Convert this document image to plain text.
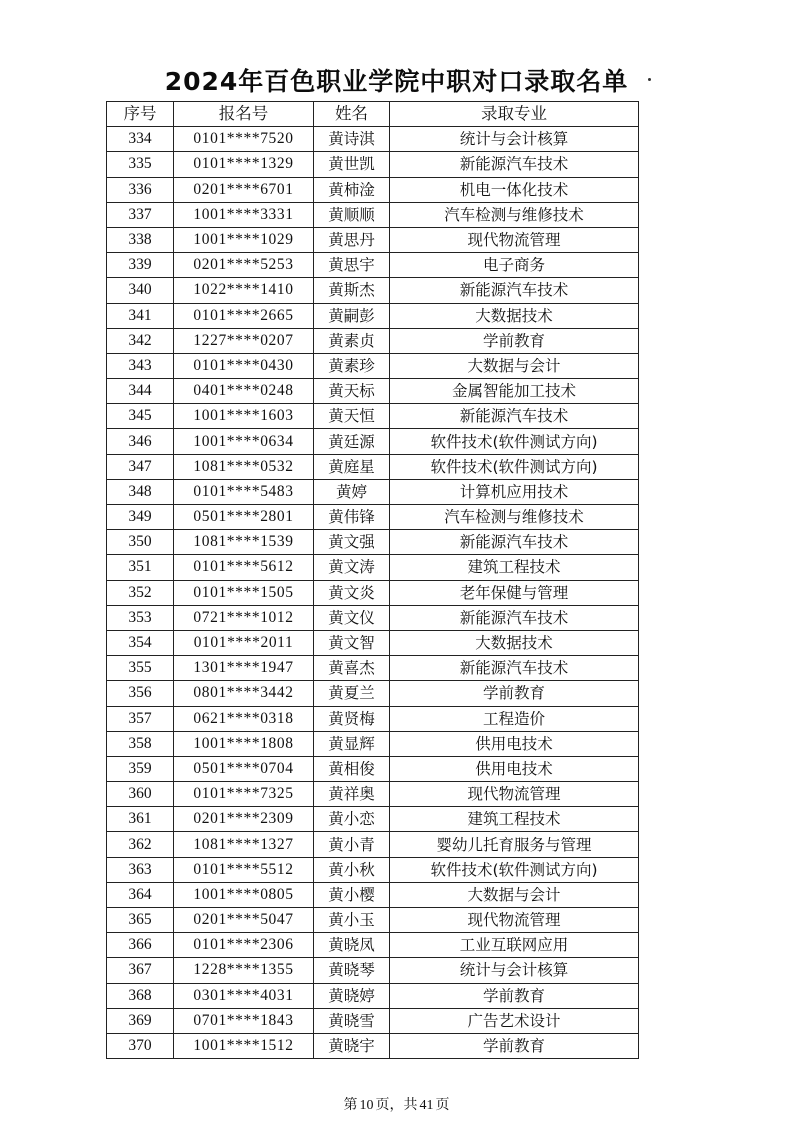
2024年百色职业学院中职对口录取名单
序号	报名号	姓名	录取专业
334	0101****7520	黄诗淇	统计与会计核算
335	0101****1329	黄世凯	新能源汽车技术
336	0201****6701	黄柿淦	机电一体化技术
337	1001****3331	黄顺顺	汽车检测与维修技术
338	1001****1029	黄思丹	现代物流管理
339	0201****5253	黄思宇	电子商务
340	1022****1410	黄斯杰	新能源汽车技术
341	0101****2665	黄嗣彭	大数据技术
342	1227****0207	黄素贞	学前教育
343	0101****0430	黄素珍	大数据与会计
344	0401****0248	黄天标	金属智能加工技术
345	1001****1603	黄天恒	新能源汽车技术
346	1001****0634	黄廷源	软件技术(软件测试方向)
347	1081****0532	黄庭星	软件技术(软件测试方向)
348	0101****5483	黄婷	计算机应用技术
349	0501****2801	黄伟锋	汽车检测与维修技术
350	1081****1539	黄文强	新能源汽车技术
351	0101****5612	黄文涛	建筑工程技术
352	0101****1505	黄文炎	老年保健与管理
353	0721****1012	黄文仪	新能源汽车技术
354	0101****2011	黄文智	大数据技术
355	1301****1947	黄喜杰	新能源汽车技术
356	0801****3442	黄夏兰	学前教育
357	0621****0318	黄贤梅	工程造价
358	1001****1808	黄显辉	供用电技术
359	0501****0704	黄相俊	供用电技术
360	0101****7325	黄祥奥	现代物流管理
361	0201****2309	黄小恋	建筑工程技术
362	1081****1327	黄小青	婴幼儿托育服务与管理
363	0101****5512	黄小秋	软件技术(软件测试方向)
364	1001****0805	黄小樱	大数据与会计
365	0201****5047	黄小玉	现代物流管理
366	0101****2306	黄晓凤	工业互联网应用
367	1228****1355	黄晓琴	统计与会计核算
368	0301****4031	黄晓婷	学前教育
369	0701****1843	黄晓雪	广告艺术设计
370	1001****1512	黄晓宇	学前教育
第 10 页，共 41 页
